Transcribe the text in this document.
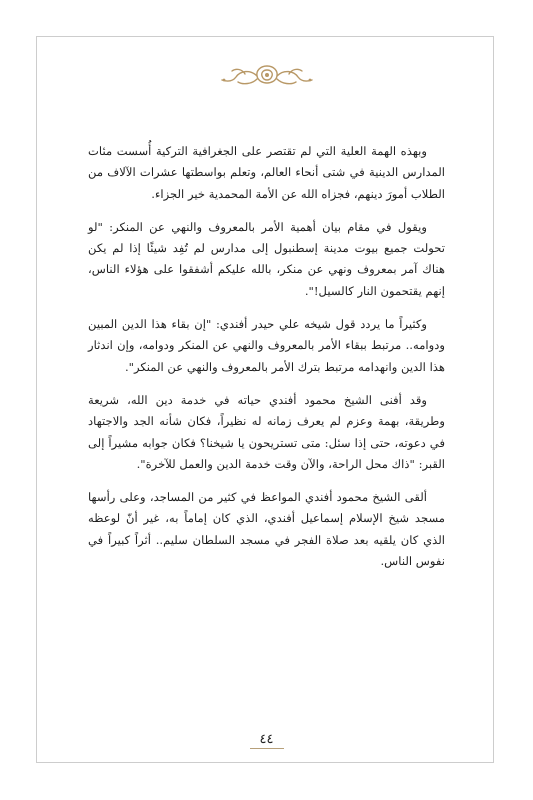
وبهذه الهمة العلية التي لم تقتصر على الجغرافية التركية أُسست مئات المدارس الدينية في شتى أنحاء العالم، وتعلم بواسطتها عشرات الآلاف من الطلاب أمورَ دينهم، فجزاه الله عن الأمة المحمدية خير الجزاء.

ويقول في مقام بيان أهمية الأمر بالمعروف والنهي عن المنكر: "لو تحولت جميع بيوت مدينة إسطنبول إلى مدارس لم تُفِد شيئًا إذا لم يكن هناك آمر بمعروف ونهي عن منكر، بالله عليكم أشفقوا على هؤلاء الناس، إنهم يقتحمون النار كالسيل!".

وكثيراً ما يردد قول شيخه علي حيدر أفندي: "إن بقاء هذا الدين المبين ودوامه.. مرتبط ببقاء الأمر بالمعروف والنهي عن المنكر ودوامه، وإن اندثار هذا الدين وانهدامه مرتبط بترك الأمر بالمعروف والنهي عن المنكر".

وقد أفنى الشيخ محمود أفندي حياته في خدمة دين الله، شريعة وطريقة، بهمة وعزم لم يعرف زمانه له نظيراً، فكان شأنه الجد والاجتهاد في دعوته، حتى إذا سئل: متى تستريحون يا شيخنا؟ فكان جوابه مشيراً إلى القبر: "ذاك محل الراحة، والآن وقت خدمة الدين والعمل للآخرة".

ألقى الشيخ محمود أفندي المواعظ في كثير من المساجد، وعلى رأسها مسجد شيخ الإسلام إسماعيل أفندي، الذي كان إماماً به، غير أنّ لوعظه الذي كان يلقيه بعد صلاة الفجر في مسجد السلطان سليم.. أثراً كبيراً في نفوس الناس.

٤٤
